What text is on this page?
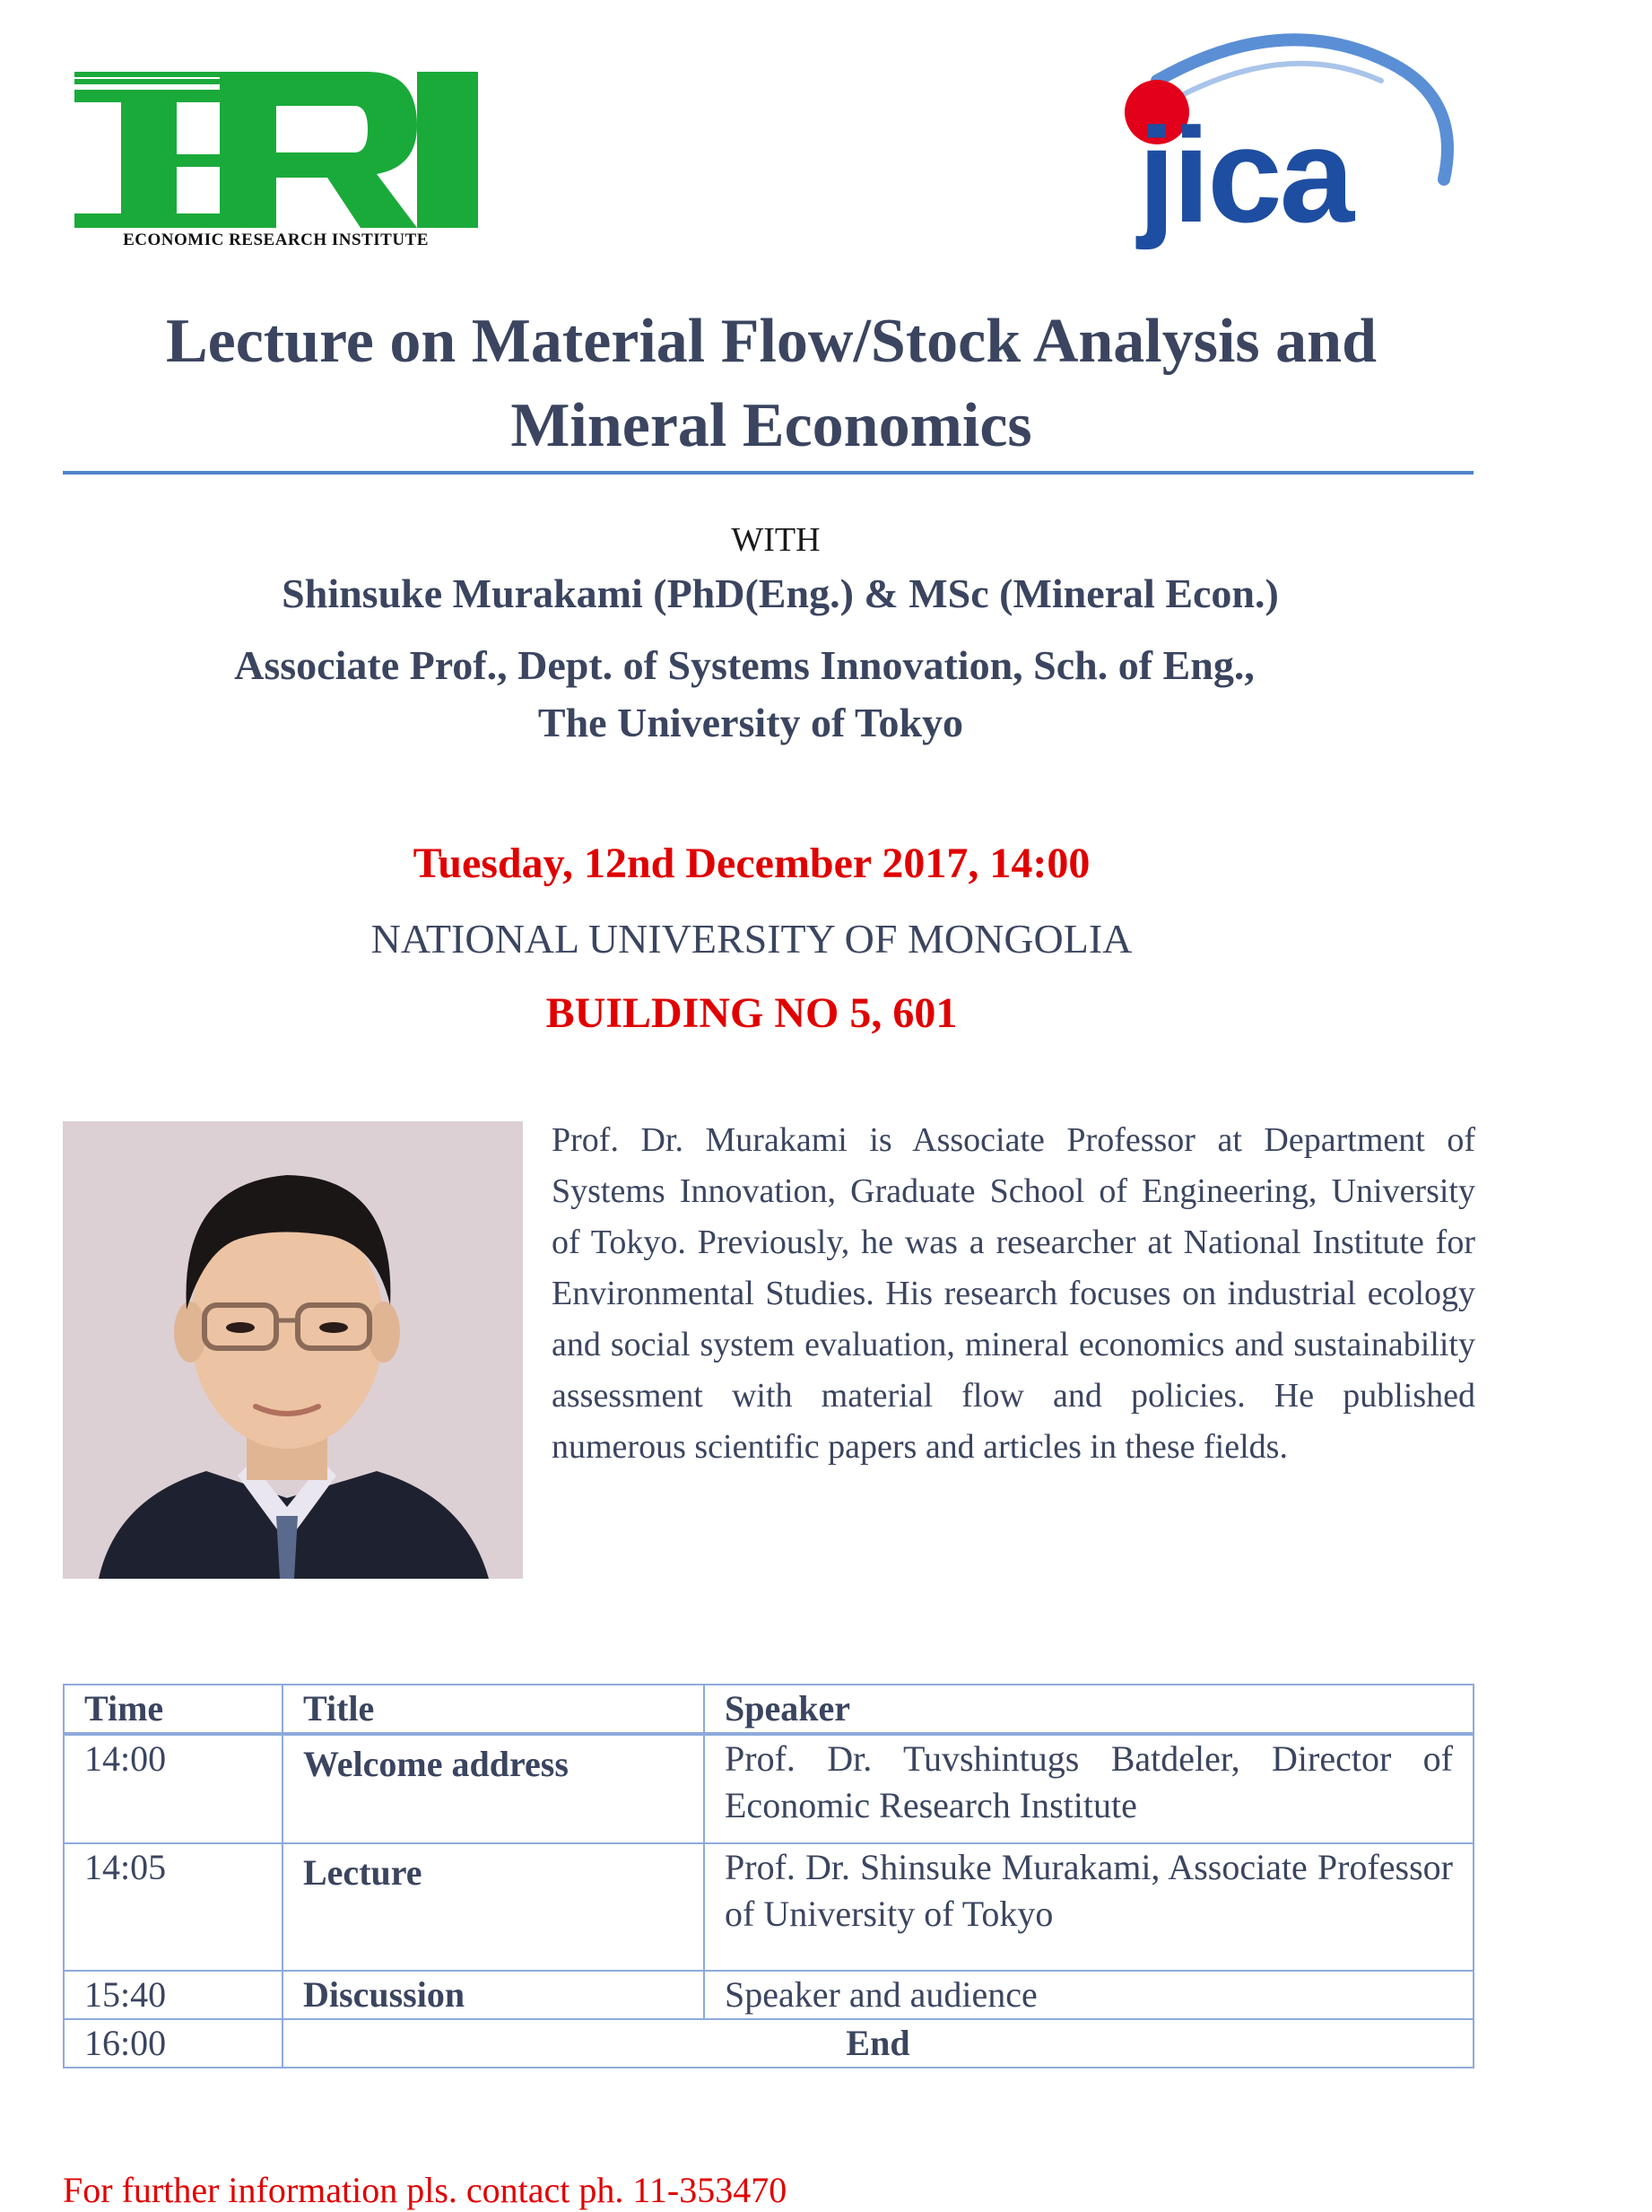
ECONOMIC RESEARCH INSTITUTE	jica
Lecture on Material Flow/Stock Analysis and
Mineral Economics
WITH
Shinsuke Murakami (PhD(Eng.) & MSc (Mineral Econ.)
Associate Prof., Dept. of Systems Innovation, Sch. of Eng.,
The University of Tokyo
Tuesday, 12nd December 2017, 14:00
NATIONAL UNIVERSITY OF MONGOLIA
BUILDING NO 5, 601
Prof. Dr. Murakami is Associate Professor at Department of Systems Innovation, Graduate School of Engineering, University of Tokyo. Previously, he was a researcher at National Institute for Environmental Studies. His research focuses on industrial ecology and social system evaluation, mineral economics and sustainability assessment with material flow and policies. He published numerous scientific papers and articles in these fields.
Time	Title	Speaker
14:00	Welcome address	Prof. Dr. Tuvshintugs Batdeler, Director of Economic Research Institute
14:05	Lecture	Prof. Dr. Shinsuke Murakami, Associate Professor of University of Tokyo
15:40	Discussion	Speaker and audience
16:00	End	
For further information pls. contact ph. 11-353470
